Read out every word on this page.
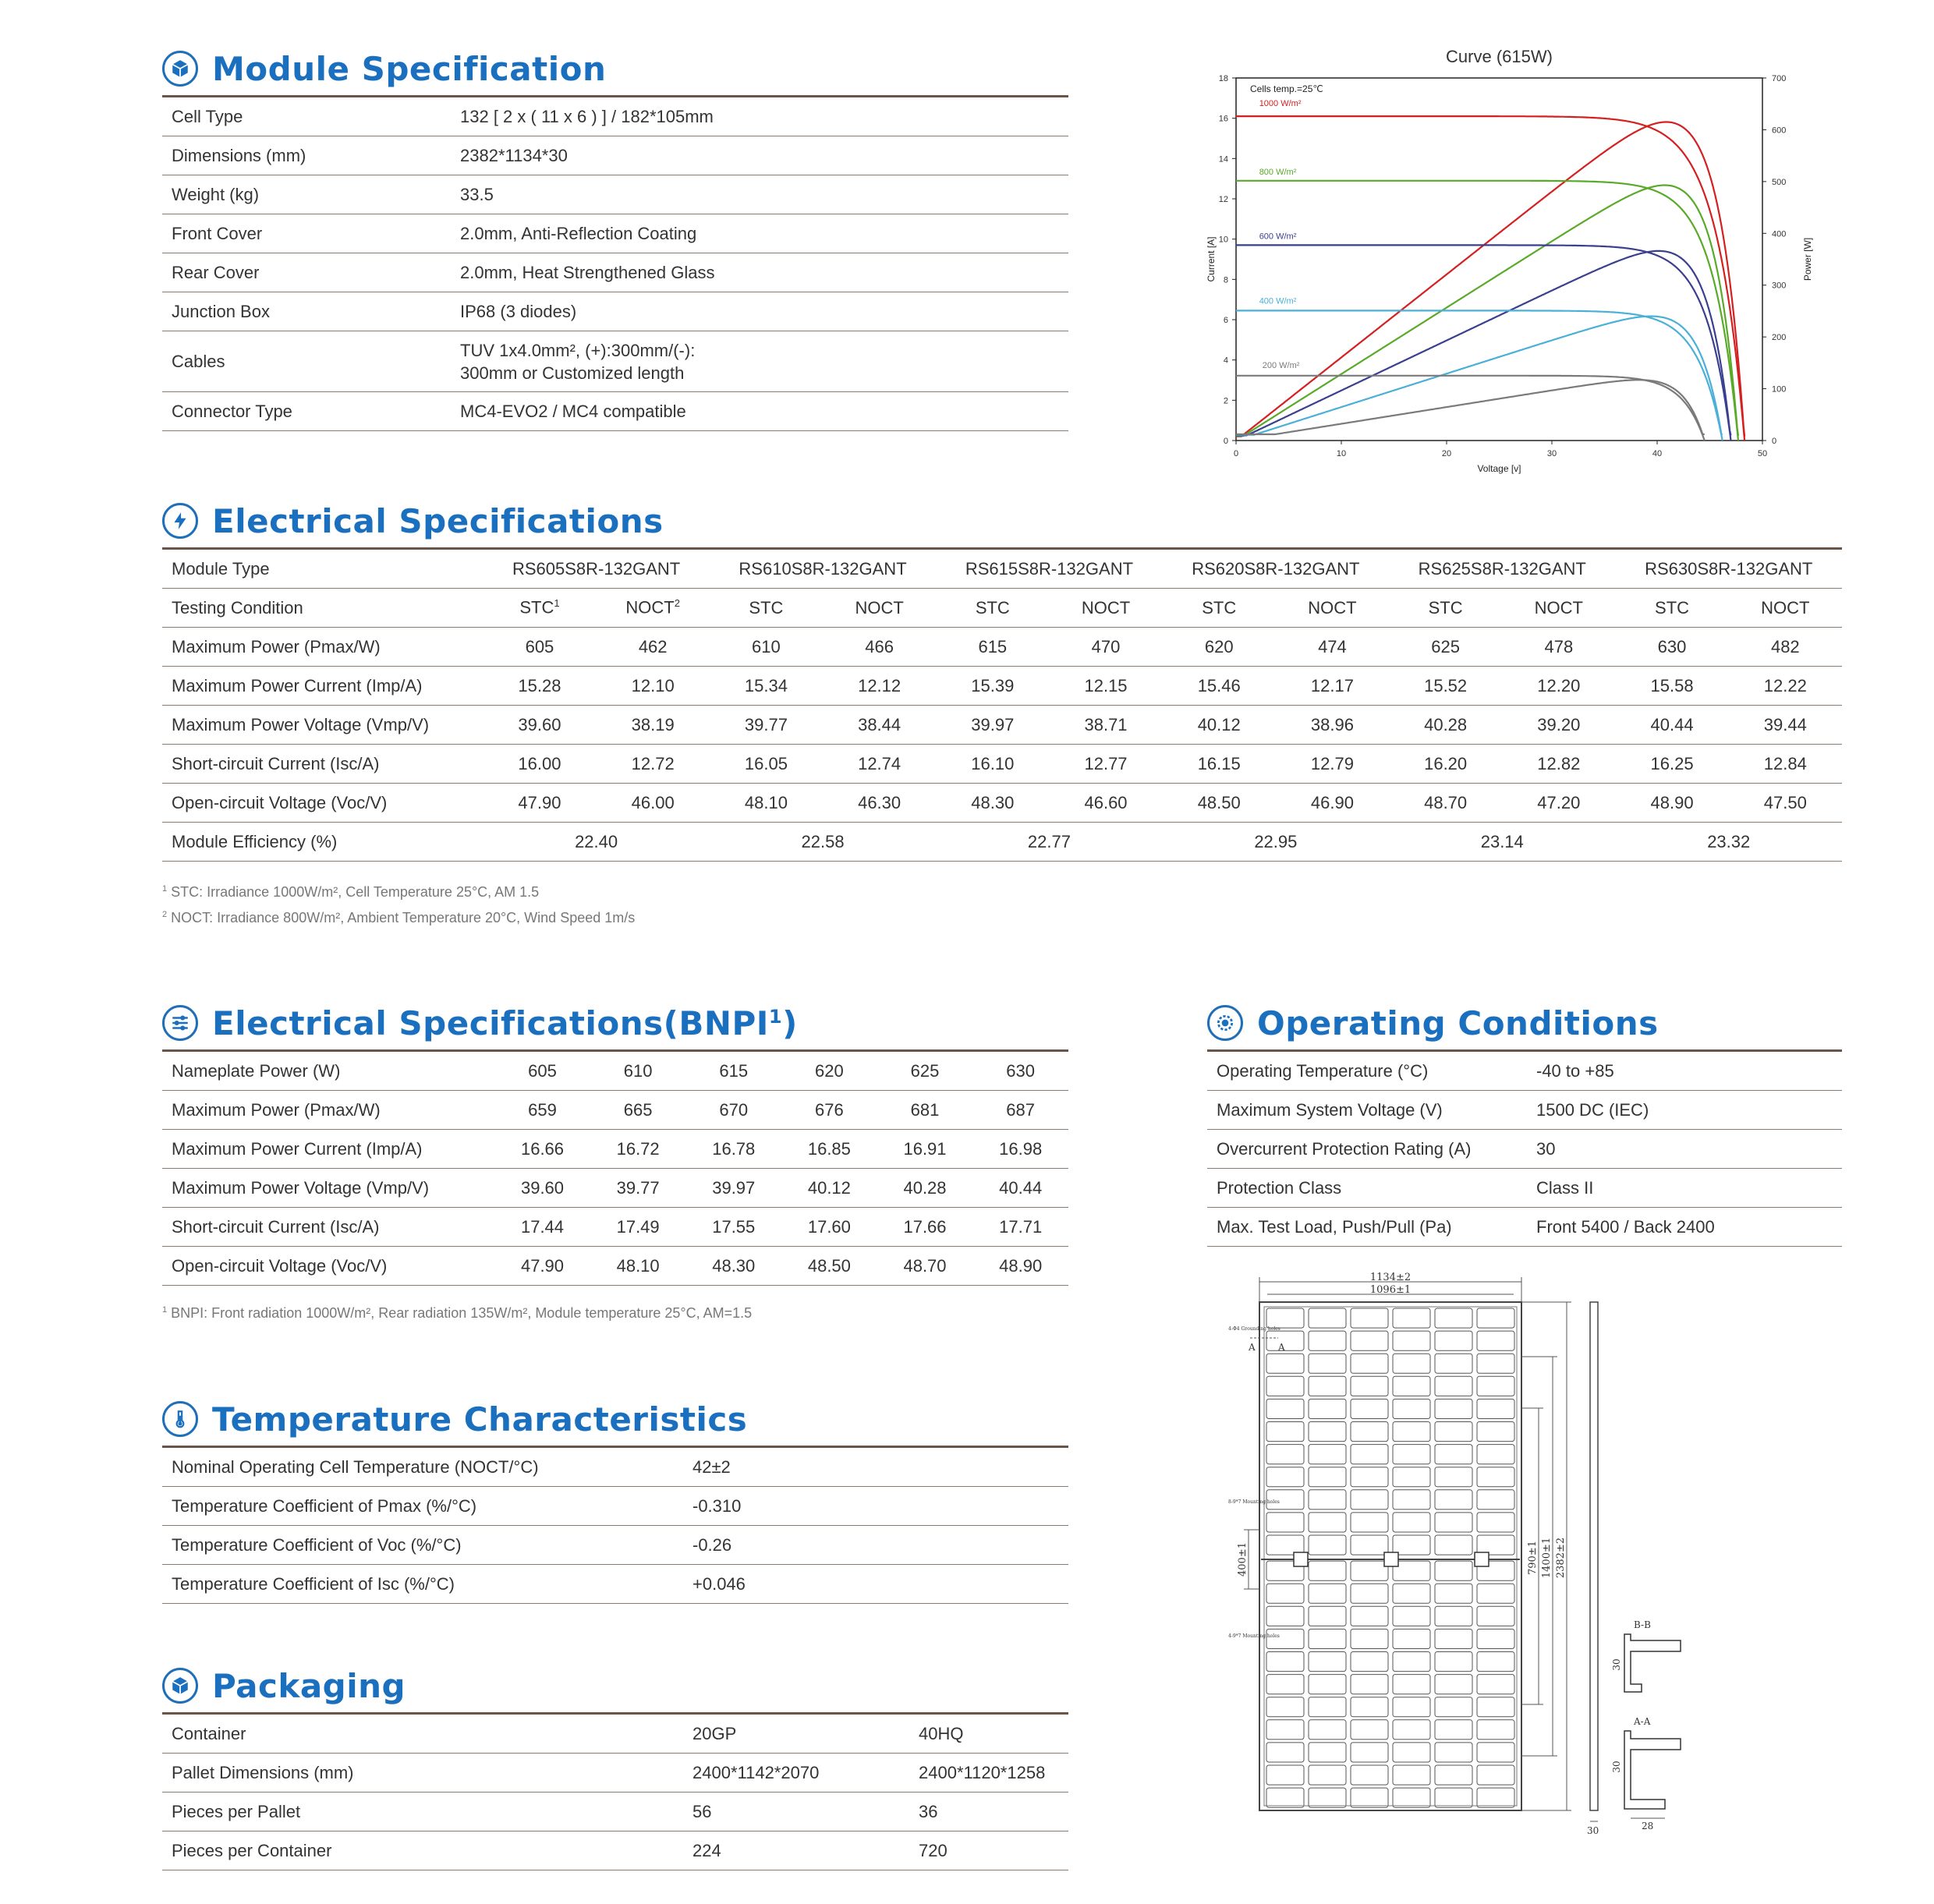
Module Specification
Cell Type	132 [ 2 x ( 11 x 6 ) ] / 182*105mm

Dimensions (mm)	2382*1134*30

Weight (kg)	33.5

Front Cover	2.0mm, Anti-Reflection Coating

Rear Cover	2.0mm, Heat Strengthened Glass

Junction Box	IP68 (3 diodes)

Cables	TUV 1x4.0mm², (+):300mm/(-):
300mm or Customized length

Connector Type	MC4-EVO2 / MC4 compatible
Curve (615W)
Voltage [v]
Current [A]	Power [W]
Cells temp.=25℃
0	10	20	30	40	50
0
2
4
6
8
10
12
14
16
18
0
100
200
300
400
500
600
700
1000 W/m²
800 W/m²
600 W/m²
400 W/m²
200 W/m²
Electrical Specifications
Module Type	RS605S8R-132GANT		RS610S8R-132GANT		RS615S8R-132GANT		RS620S8R-132GANT		RS625S8R-132GANT		RS630S8R-132GANT	
Testing Condition	STC$^1$	NOCT$^2$	STC	NOCT	STC	NOCT	STC	NOCT	STC	NOCT	STC	NOCT
Maximum Power (Pmax/W)	605	462	610	466	615	470	620	474	625	478	630	482
Maximum Power Current (Imp/A)	15.28	12.10	15.34	12.12	15.39	12.15	15.46	12.17	15.52	12.20	15.58	12.22
Maximum Power Voltage (Vmp/V)	39.60	38.19	39.77	38.44	39.97	38.71	40.12	38.96	40.28	39.20	40.44	39.44
Short-circuit Current (Isc/A)	16.00	12.72	16.05	12.74	16.10	12.77	16.15	12.79	16.20	12.82	16.25	12.84
Open-circuit Voltage (Voc/V)	47.90	46.00	48.10	46.30	48.30	46.60	48.50	46.90	48.70	47.20	48.90	47.50
Module Efficiency (%)	22.40		22.58		22.77		22.95		23.14		23.32	
$^1$ STC: Irradiance 1000W/m², Cell Temperature 25°C, AM 1.5
$^2$ NOCT: Irradiance 800W/m², Ambient Temperature 20°C, Wind Speed 1m/s
Electrical Specifications(BNPI$^1$)
Nameplate Power (W)	605	610	615	620	625	630
Maximum Power (Pmax/W)	659	665	670	676	681	687
Maximum Power Current (Imp/A)	16.66	16.72	16.78	16.85	16.91	16.98
Maximum Power Voltage (Vmp/V)	39.60	39.77	39.97	40.12	40.28	40.44
Short-circuit Current (Isc/A)	17.44	17.49	17.55	17.60	17.66	17.71
Open-circuit Voltage (Voc/V)	47.90	48.10	48.30	48.50	48.70	48.90
$^1$ BNPI: Front radiation 1000W/m², Rear radiation 135W/m², Module temperature 25°C, AM=1.5
Operating Conditions
Operating Temperature (°C)	-40 to +85
Maximum System Voltage (V)	1500 DC (IEC)
Overcurrent Protection Rating (A)	30
Protection Class	Class II
Max. Test Load, Push/Pull (Pa)	Front 5400 / Back 2400
Temperature Characteristics
Nominal Operating Cell Temperature (NOCT/°C)	42±2
Temperature Coefficient of Pmax (%/°C)	-0.310
Temperature Coefficient of Voc (%/°C)	-0.26
Temperature Coefficient of Isc (%/°C)	+0.046
Packaging
Container	20GP	40HQ
Pallet Dimensions (mm)	2400*1142*2070	2400*1120*1258
Pieces per Pallet	56	36
Pieces per Container	224	720
1134±2
1096±1
790±1 1400±1 2382±2
400±1
4-Φ4 Grounding holes
8-9*7 Mounting holes
4-9*7 Mounting holes
A A
30
B-B
30
A-A
30
28
